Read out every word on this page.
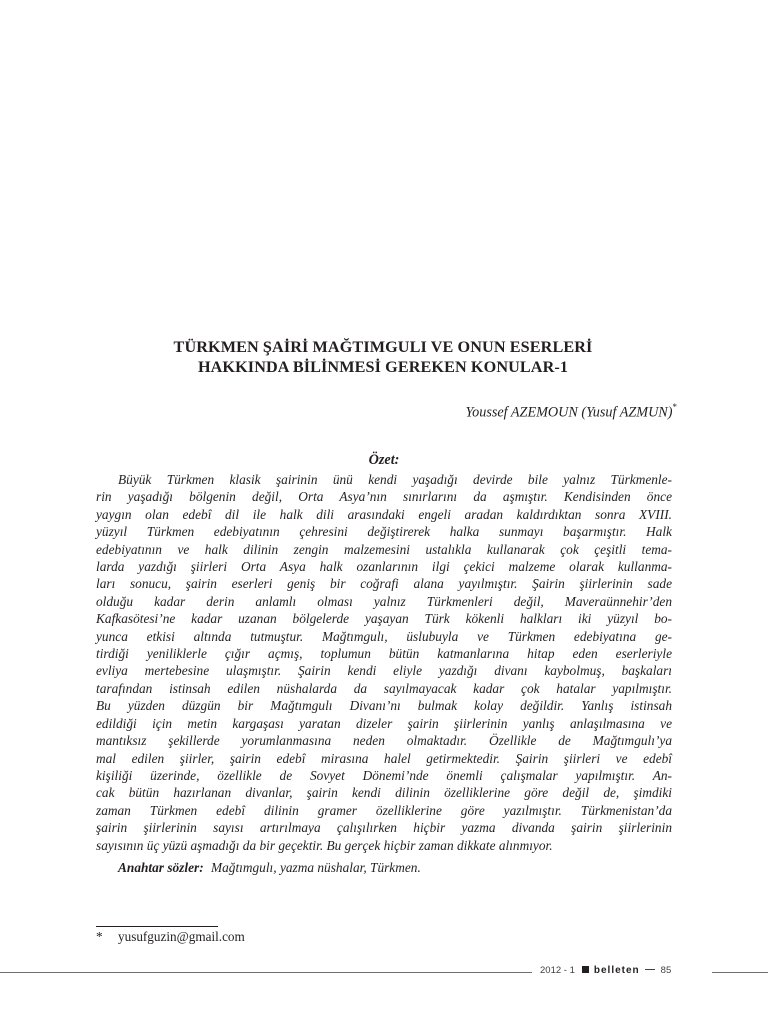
TÜRKMEN ŞAİRİ MAĞTIMGULI VE ONUN ESERLERİ
HAKKINDA BİLİNMESİ GEREKEN KONULAR-1
Youssef AZEMOUN (Yusuf AZMUN)*
Özet:
Büyük Türkmen klasik şairinin ünü kendi yaşadığı devirde bile yalnız Türkmenle-
rin yaşadığı bölgenin değil, Orta Asya’nın sınırlarını da aşmıştır. Kendisinden önce
yaygın olan edebî dil ile halk dili arasındaki engeli aradan kaldırdıktan sonra XVIII.
yüzyıl Türkmen edebiyatının çehresini değiştirerek halka sunmayı başarmıştır. Halk
edebiyatının ve halk dilinin zengin malzemesini ustalıkla kullanarak çok çeşitli tema-
larda yazdığı şiirleri Orta Asya halk ozanlarının ilgi çekici malzeme olarak kullanma-
ları sonucu, şairin eserleri geniş bir coğrafi alana yayılmıştır. Şairin şiirlerinin sade
olduğu kadar derin anlamlı olması yalnız Türkmenleri değil, Maveraünnehir’den
Kafkasötesi’ne kadar uzanan bölgelerde yaşayan Türk kökenli halkları iki yüzyıl bo-
yunca etkisi altında tutmuştur. Mağtımgulı, üslubuyla ve Türkmen edebiyatına ge-
tirdiği yeniliklerle çığır açmış, toplumun bütün katmanlarına hitap eden eserleriyle
evliya mertebesine ulaşmıştır. Şairin kendi eliyle yazdığı divanı kaybolmuş, başkaları
tarafından istinsah edilen nüshalarda da sayılmayacak kadar çok hatalar yapılmıştır.
Bu yüzden düzgün bir Mağtımgulı Divanı’nı bulmak kolay değildir. Yanlış istinsah
edildiği için metin kargaşası yaratan dizeler şairin şiirlerinin yanlış anlaşılmasına ve
mantıksız şekillerde yorumlanmasına neden olmaktadır. Özellikle de Mağtımgulı’ya
mal edilen şiirler, şairin edebî mirasına halel getirmektedir. Şairin şiirleri ve edebî
kişiliği üzerinde, özellikle de Sovyet Dönemi’nde önemli çalışmalar yapılmıştır. An-
cak bütün hazırlanan divanlar, şairin kendi dilinin özelliklerine göre değil de, şimdiki
zaman Türkmen edebî dilinin gramer özelliklerine göre yazılmıştır. Türkmenistan’da
şairin şiirlerinin sayısı artırılmaya çalışılırken hiçbir yazma divanda şairin şiirlerinin
sayısının üç yüzü aşmadığı da bir geçektir. Bu gerçek hiçbir zaman dikkate alınmıyor.
Anahtar sözler: Mağtımgulı, yazma nüshalar, Türkmen.
* yusufguzin@gmail.com
2012 - 1 belleten 85
